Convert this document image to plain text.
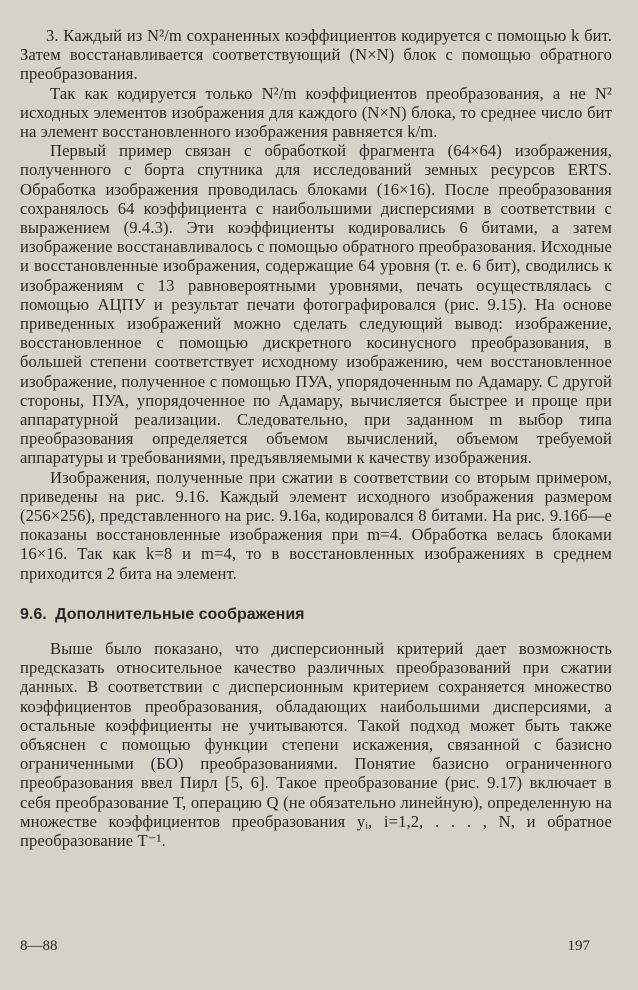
3. Каждый из N²/m сохраненных коэффициентов кодируется с помощью k бит. Затем восстанавливается соответствующий (N×N) блок с помощью обратного преобразования.

Так как кодируется только N²/m коэффициентов преобразования, а не N² исходных элементов изображения для каждого (N×N) блока, то среднее число бит на элемент восстановленного изображения равняется k/m.

Первый пример связан с обработкой фрагмента (64×64) изображения, полученного с борта спутника для исследований земных ресурсов ERTS. Обработка изображения проводилась блоками (16×16). После преобразования сохранялось 64 коэффициента с наибольшими дисперсиями в соответствии с выражением (9.4.3). Эти коэффициенты кодировались 6 битами, а затем изображение восстанавливалось с помощью обратного преобразования. Исходные и восстановленные изображения, содержащие 64 уровня (т. е. 6 бит), сводились к изображениям с 13 равновероятными уровнями, печать осуществлялась с помощью АЦПУ и результат печати фотографировался (рис. 9.15). На основе приведенных изображений можно сделать следующий вывод: изображение, восстановленное с помощью дискретного косинусного преобразования, в большей степени соответствует исходному изображению, чем восстановленное изображение, полученное с помощью ПУА, упорядоченным по Адамару. С другой стороны, ПУА, упорядоченное по Адамару, вычисляется быстрее и проще при аппаратурной реализации. Следовательно, при заданном m выбор типа преобразования определяется объемом вычислений, объемом требуемой аппаратуры и требованиями, предъявляемыми к качеству изображения.

Изображения, полученные при сжатии в соответствии со вторым примером, приведены на рис. 9.16. Каждый элемент исходного изображения размером (256×256), представленного на рис. 9.16а, кодировался 8 битами. На рис. 9.16б—е показаны восстановленные изображения при m=4. Обработка велась блоками 16×16. Так как k=8 и m=4, то в восстановленных изображениях в среднем приходится 2 бита на элемент.

9.6. Дополнительные соображения

Выше было показано, что дисперсионный критерий дает возможность предсказать относительное качество различных преобразований при сжатии данных. В соответствии с дисперсионным критерием сохраняется множество коэффициентов преобразования, обладающих наибольшими дисперсиями, а остальные коэффициенты не учитываются. Такой подход может быть также объяснен с помощью функции степени искажения, связанной с базисно ограниченными (БО) преобразованиями. Понятие базисно ограниченного преобразования ввел Пирл [5, 6]. Такое преобразование (рис. 9.17) включает в себя преобразование T, операцию Q (не обязательно линейную), определенную на множестве коэффициентов преобразования yᵢ, i=1,2, . . . , N, и обратное преобразование T⁻¹.

8—88	197
